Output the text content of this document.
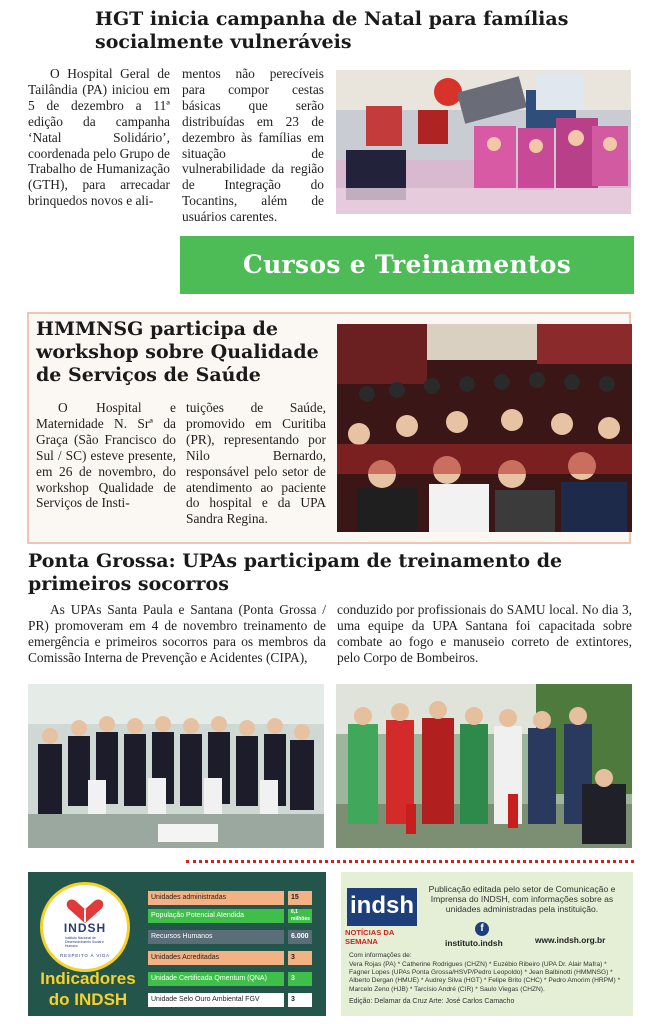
HGT inicia campanha de Natal para famílias socialmente vulneráveis

O Hospital Geral de Tailândia (PA) iniciou em 5 de dezembro a 11ª edição da campanha ‘Natal Solidário’, coordenada pelo Grupo de Trabalho de Humanização (GTH), para arrecadar brinquedos novos e ali-

mentos não perecíveis para compor cestas básicas que serão distribuídas em 23 de dezembro às famílias em situação de vulnerabilidade da região de Integração do Tocantins, além de usuários carentes.

Cursos e Treinamentos
HMMNSG participa de workshop sobre Qualidade de Serviços de Saúde

O Hospital e Maternidade N. Srª da Graça (São Francisco do Sul / SC) esteve presente, em 26 de novembro, do workshop Qualidade de Serviços de Insti-

tuições de Saúde, promovido em Curitiba (PR), representando por Nilo Bernardo, responsável pelo setor de atendimento ao paciente do hospital e da UPA Sandra Regina.

Ponta Grossa: UPAs participam de treinamento de primeiros socorros

As UPAs Santa Paula e Santana (Ponta Grossa / PR) promoveram em 4 de novembro treinamento de emergência e primeiros socorros para os membros da Comissão Interna de Prevenção e Acidentes (CIPA),

conduzido por profissionais do SAMU local. No dia 3, uma equipe da UPA Santana foi capacitada sobre combate ao fogo e manuseio correto de extintores, pelo Corpo de Bombeiros.

INDSH
Instituto Nacional de Desenvolvimento Social e Humano
RESPEITO À VIDA
Indicadores do INDSH
Unidades administradas	15
População Potencial Atendida	6,1 milhões
Recursos Humanos	6.000
Unidades Acreditadas	3
Unidade Certificada Qmentum (QNA)	3
Unidade Selo Ouro Ambiental FGV	3
indsh
NOTÍCIAS DA SEMANA
Publicação editada pelo setor de Comunicação e Imprensa do INDSH, com informações sobre as unidades administradas pela instituição.
f
instituto.indsh	www.indsh.org.br
Com informações de:
Vera Rojas (PA) * Catherine Rodrigues (CHZN) * Euzébio Ribeiro (UPA Dr. Alair Mafra) * Fagner Lopes (UPAs Ponta Grossa/HSVP/Pedro Leopoldo) * Jean Balbinotti (HMMNSG) * Alberto Dergan (HMUE) * Audrey Silva (HGT) * Felipe Brito (CHC) * Pedro Amorim (HRPM) * Marcelo Zeno (HJB) * Tarcísio André (CIR) * Saulo Viegas (CHZN).
Edição: Delamar da Cruz Arte: José Carlos Camacho
